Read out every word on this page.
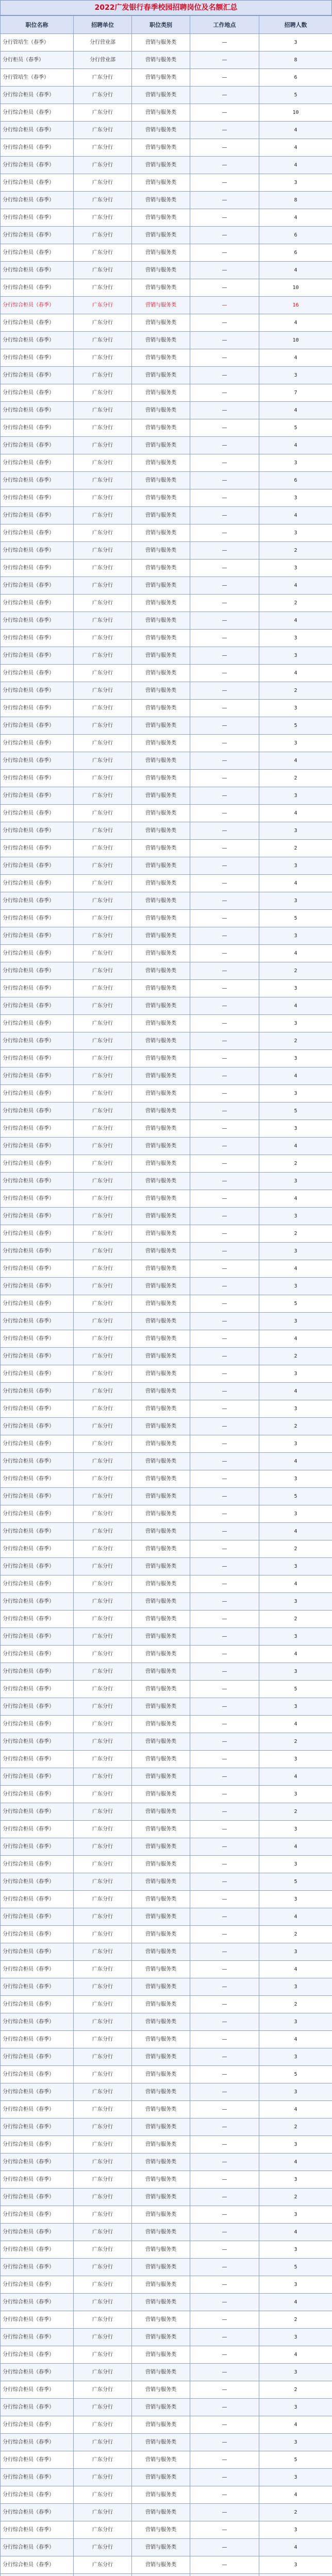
2022广发银行春季校园招聘岗位及名额汇总
职位名称	招聘单位	职位类别	工作地点	招聘人数
分行管培生（春季）	分行营业部	营销与服务类	—	3
分行柜员（春季）	分行营业部	营销与服务类	—	8
分行管培生（春季）	广东分行	营销与服务类	—	6
分行综合柜员（春季）	广东分行	营销与服务类	—	5
分行综合柜员（春季）	广东分行	营销与服务类	—	10
分行综合柜员（春季）	广东分行	营销与服务类	—	4
分行综合柜员（春季）	广东分行	营销与服务类	—	4
分行综合柜员（春季）	广东分行	营销与服务类	—	4
分行综合柜员（春季）	广东分行	营销与服务类	—	3
分行综合柜员（春季）	广东分行	营销与服务类	—	8
分行综合柜员（春季）	广东分行	营销与服务类	—	4
分行综合柜员（春季）	广东分行	营销与服务类	—	6
分行综合柜员（春季）	广东分行	营销与服务类	—	6
分行综合柜员（春季）	广东分行	营销与服务类	—	4
分行综合柜员（春季）	广东分行	营销与服务类	—	10
分行综合柜员（春季）	广东分行	营销与服务类	—	16
分行综合柜员（春季）	广东分行	营销与服务类	—	4
分行综合柜员（春季）	广东分行	营销与服务类	—	10
分行综合柜员（春季）	广东分行	营销与服务类	—	4
分行综合柜员（春季）	广东分行	营销与服务类	—	3
分行综合柜员（春季）	广东分行	营销与服务类	—	7
分行综合柜员（春季）	广东分行	营销与服务类	—	4
分行综合柜员（春季）	广东分行	营销与服务类	—	5
分行综合柜员（春季）	广东分行	营销与服务类	—	4
分行综合柜员（春季）	广东分行	营销与服务类	—	3
分行综合柜员（春季）	广东分行	营销与服务类	—	6
分行综合柜员（春季）	广东分行	营销与服务类	—	3
分行综合柜员（春季）	广东分行	营销与服务类	—	4
分行综合柜员（春季）	广东分行	营销与服务类	—	3
分行综合柜员（春季）	广东分行	营销与服务类	—	2
分行综合柜员（春季）	广东分行	营销与服务类	—	3
分行综合柜员（春季）	广东分行	营销与服务类	—	4
分行综合柜员（春季）	广东分行	营销与服务类	—	2
分行综合柜员（春季）	广东分行	营销与服务类	—	4
分行综合柜员（春季）	广东分行	营销与服务类	—	3
分行综合柜员（春季）	广东分行	营销与服务类	—	3
分行综合柜员（春季）	广东分行	营销与服务类	—	4
分行综合柜员（春季）	广东分行	营销与服务类	—	2
分行综合柜员（春季）	广东分行	营销与服务类	—	3
分行综合柜员（春季）	广东分行	营销与服务类	—	5
分行综合柜员（春季）	广东分行	营销与服务类	—	3
分行综合柜员（春季）	广东分行	营销与服务类	—	4
分行综合柜员（春季）	广东分行	营销与服务类	—	2
分行综合柜员（春季）	广东分行	营销与服务类	—	3
分行综合柜员（春季）	广东分行	营销与服务类	—	4
分行综合柜员（春季）	广东分行	营销与服务类	—	3
分行综合柜员（春季）	广东分行	营销与服务类	—	2
分行综合柜员（春季）	广东分行	营销与服务类	—	3
分行综合柜员（春季）	广东分行	营销与服务类	—	4
分行综合柜员（春季）	广东分行	营销与服务类	—	3
分行综合柜员（春季）	广东分行	营销与服务类	—	5
分行综合柜员（春季）	广东分行	营销与服务类	—	3
分行综合柜员（春季）	广东分行	营销与服务类	—	4
分行综合柜员（春季）	广东分行	营销与服务类	—	2
分行综合柜员（春季）	广东分行	营销与服务类	—	3
分行综合柜员（春季）	广东分行	营销与服务类	—	4
分行综合柜员（春季）	广东分行	营销与服务类	—	3
分行综合柜员（春季）	广东分行	营销与服务类	—	2
分行综合柜员（春季）	广东分行	营销与服务类	—	3
分行综合柜员（春季）	广东分行	营销与服务类	—	4
分行综合柜员（春季）	广东分行	营销与服务类	—	3
分行综合柜员（春季）	广东分行	营销与服务类	—	5
分行综合柜员（春季）	广东分行	营销与服务类	—	3
分行综合柜员（春季）	广东分行	营销与服务类	—	4
分行综合柜员（春季）	广东分行	营销与服务类	—	2
分行综合柜员（春季）	广东分行	营销与服务类	—	3
分行综合柜员（春季）	广东分行	营销与服务类	—	4
分行综合柜员（春季）	广东分行	营销与服务类	—	3
分行综合柜员（春季）	广东分行	营销与服务类	—	2
分行综合柜员（春季）	广东分行	营销与服务类	—	3
分行综合柜员（春季）	广东分行	营销与服务类	—	4
分行综合柜员（春季）	广东分行	营销与服务类	—	3
分行综合柜员（春季）	广东分行	营销与服务类	—	5
分行综合柜员（春季）	广东分行	营销与服务类	—	3
分行综合柜员（春季）	广东分行	营销与服务类	—	4
分行综合柜员（春季）	广东分行	营销与服务类	—	2
分行综合柜员（春季）	广东分行	营销与服务类	—	3
分行综合柜员（春季）	广东分行	营销与服务类	—	4
分行综合柜员（春季）	广东分行	营销与服务类	—	3
分行综合柜员（春季）	广东分行	营销与服务类	—	2
分行综合柜员（春季）	广东分行	营销与服务类	—	3
分行综合柜员（春季）	广东分行	营销与服务类	—	4
分行综合柜员（春季）	广东分行	营销与服务类	—	3
分行综合柜员（春季）	广东分行	营销与服务类	—	5
分行综合柜员（春季）	广东分行	营销与服务类	—	3
分行综合柜员（春季）	广东分行	营销与服务类	—	4
分行综合柜员（春季）	广东分行	营销与服务类	—	2
分行综合柜员（春季）	广东分行	营销与服务类	—	3
分行综合柜员（春季）	广东分行	营销与服务类	—	4
分行综合柜员（春季）	广东分行	营销与服务类	—	3
分行综合柜员（春季）	广东分行	营销与服务类	—	2
分行综合柜员（春季）	广东分行	营销与服务类	—	3
分行综合柜员（春季）	广东分行	营销与服务类	—	4
分行综合柜员（春季）	广东分行	营销与服务类	—	3
分行综合柜员（春季）	广东分行	营销与服务类	—	5
分行综合柜员（春季）	广东分行	营销与服务类	—	3
分行综合柜员（春季）	广东分行	营销与服务类	—	4
分行综合柜员（春季）	广东分行	营销与服务类	—	2
分行综合柜员（春季）	广东分行	营销与服务类	—	3
分行综合柜员（春季）	广东分行	营销与服务类	—	4
分行综合柜员（春季）	广东分行	营销与服务类	—	3
分行综合柜员（春季）	广东分行	营销与服务类	—	2
分行综合柜员（春季）	广东分行	营销与服务类	—	3
分行综合柜员（春季）	广东分行	营销与服务类	—	4
分行综合柜员（春季）	广东分行	营销与服务类	—	3
分行综合柜员（春季）	广东分行	营销与服务类	—	5
分行综合柜员（春季）	广东分行	营销与服务类	—	3
分行综合柜员（春季）	广东分行	营销与服务类	—	4
分行综合柜员（春季）	广东分行	营销与服务类	—	2
分行综合柜员（春季）	广东分行	营销与服务类	—	3
分行综合柜员（春季）	广东分行	营销与服务类	—	4
分行综合柜员（春季）	广东分行	营销与服务类	—	3
分行综合柜员（春季）	广东分行	营销与服务类	—	2
分行综合柜员（春季）	广东分行	营销与服务类	—	3
分行综合柜员（春季）	广东分行	营销与服务类	—	4
分行综合柜员（春季）	广东分行	营销与服务类	—	3
分行综合柜员（春季）	广东分行	营销与服务类	—	5
分行综合柜员（春季）	广东分行	营销与服务类	—	3
分行综合柜员（春季）	广东分行	营销与服务类	—	4
分行综合柜员（春季）	广东分行	营销与服务类	—	2
分行综合柜员（春季）	广东分行	营销与服务类	—	3
分行综合柜员（春季）	广东分行	营销与服务类	—	4
分行综合柜员（春季）	广东分行	营销与服务类	—	3
分行综合柜员（春季）	广东分行	营销与服务类	—	2
分行综合柜员（春季）	广东分行	营销与服务类	—	3
分行综合柜员（春季）	广东分行	营销与服务类	—	4
分行综合柜员（春季）	广东分行	营销与服务类	—	3
分行综合柜员（春季）	广东分行	营销与服务类	—	5
分行综合柜员（春季）	广东分行	营销与服务类	—	3
分行综合柜员（春季）	广东分行	营销与服务类	—	4
分行综合柜员（春季）	广东分行	营销与服务类	—	2
分行综合柜员（春季）	广东分行	营销与服务类	—	3
分行综合柜员（春季）	广东分行	营销与服务类	—	4
分行综合柜员（春季）	广东分行	营销与服务类	—	3
分行综合柜员（春季）	广东分行	营销与服务类	—	2
分行综合柜员（春季）	广东分行	营销与服务类	—	3
分行综合柜员（春季）	广东分行	营销与服务类	—	4
分行综合柜员（春季）	广东分行	营销与服务类	—	3
分行综合柜员（春季）	广东分行	营销与服务类	—	5
分行综合柜员（春季）	广东分行	营销与服务类	—	3
分行综合柜员（春季）	广东分行	营销与服务类	—	4
分行综合柜员（春季）	广东分行	营销与服务类	—	2
分行综合柜员（春季）	广东分行	营销与服务类	—	3
分行综合柜员（春季）	广东分行	营销与服务类	—	4
分行综合柜员（春季）	广东分行	营销与服务类	—	3
